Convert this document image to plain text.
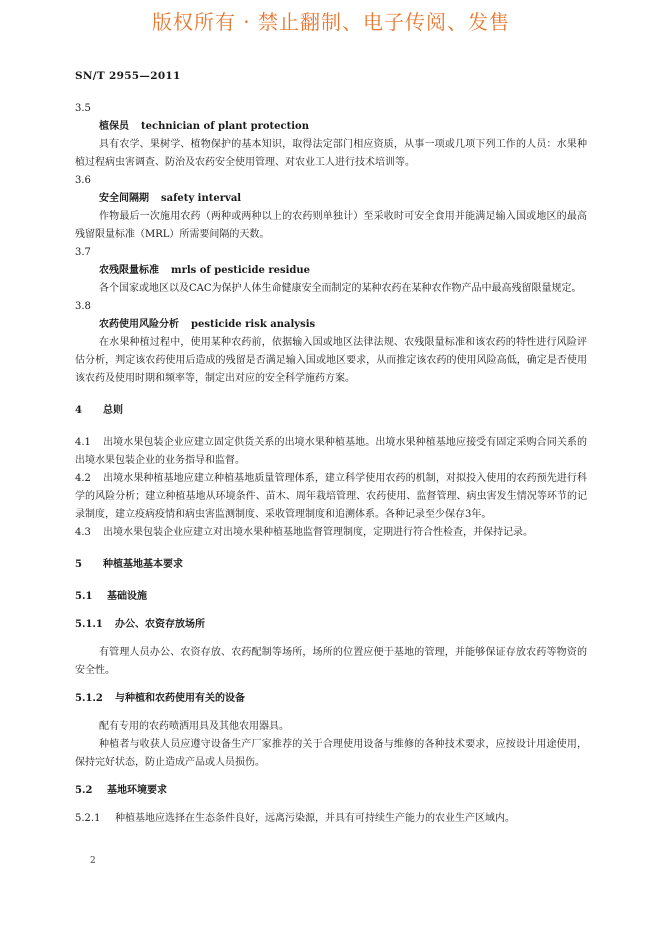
版权所有 · 禁止翻制、电子传阅、发售
SN/T 2955—2011

3.5

植保员 technician of plant protection

具有农学、果树学、植物保护的基本知识，取得法定部门相应资质，从事一项或几项下列工作的人员：水果种植过程病虫害调查、防治及农药安全使用管理、对农业工人进行技术培训等。

3.6

安全间隔期 safety interval

作物最后一次施用农药（两种或两种以上的农药则单独计）至采收时可安全食用并能满足输入国或地区的最高残留限量标准（MRL）所需要间隔的天数。

3.7

农残限量标准 mrls of pesticide residue

各个国家或地区以及CAC为保护人体生命健康安全而制定的某种农药在某种农作物产品中最高残留限量规定。

3.8

农药使用风险分析 pesticide risk analysis

在水果种植过程中，使用某种农药前，依据输入国或地区法律法规、农残限量标准和该农药的特性进行风险评估分析，判定该农药使用后造成的残留是否满足输入国或地区要求，从而推定该农药的使用风险高低，确定是否使用该农药及使用时期和频率等，制定出对应的安全科学施药方案。

4 总则

4.1 出境水果包装企业应建立固定供货关系的出境水果种植基地。出境水果种植基地应接受有固定采购合同关系的出境水果包装企业的业务指导和监督。

4.2 出境水果种植基地应建立种植基地质量管理体系，建立科学使用农药的机制，对拟投入使用的农药预先进行科学的风险分析；建立种植基地从环境条件、苗木、周年栽培管理、农药使用、监督管理、病虫害发生情况等环节的记录制度，建立疫病疫情和病虫害监测制度、采收管理制度和追溯体系。各种记录至少保存3年。

4.3 出境水果包装企业应建立对出境水果种植基地监督管理制度，定期进行符合性检查，并保持记录。

5 种植基地基本要求

5.1 基础设施

5.1.1 办公、农资存放场所

有管理人员办公、农资存放、农药配制等场所，场所的位置应便于基地的管理，并能够保证存放农药等物资的安全性。

5.1.2 与种植和农药使用有关的设备

配有专用的农药喷洒用具及其他农用器具。

种植者与收获人员应遵守设备生产厂家推荐的关于合理使用设备与维修的各种技术要求，应按设计用途使用，保持完好状态，防止造成产品或人员损伤。

5.2 基地环境要求

5.2.1 种植基地应选择在生态条件良好，远离污染源，并具有可持续生产能力的农业生产区域内。

2
